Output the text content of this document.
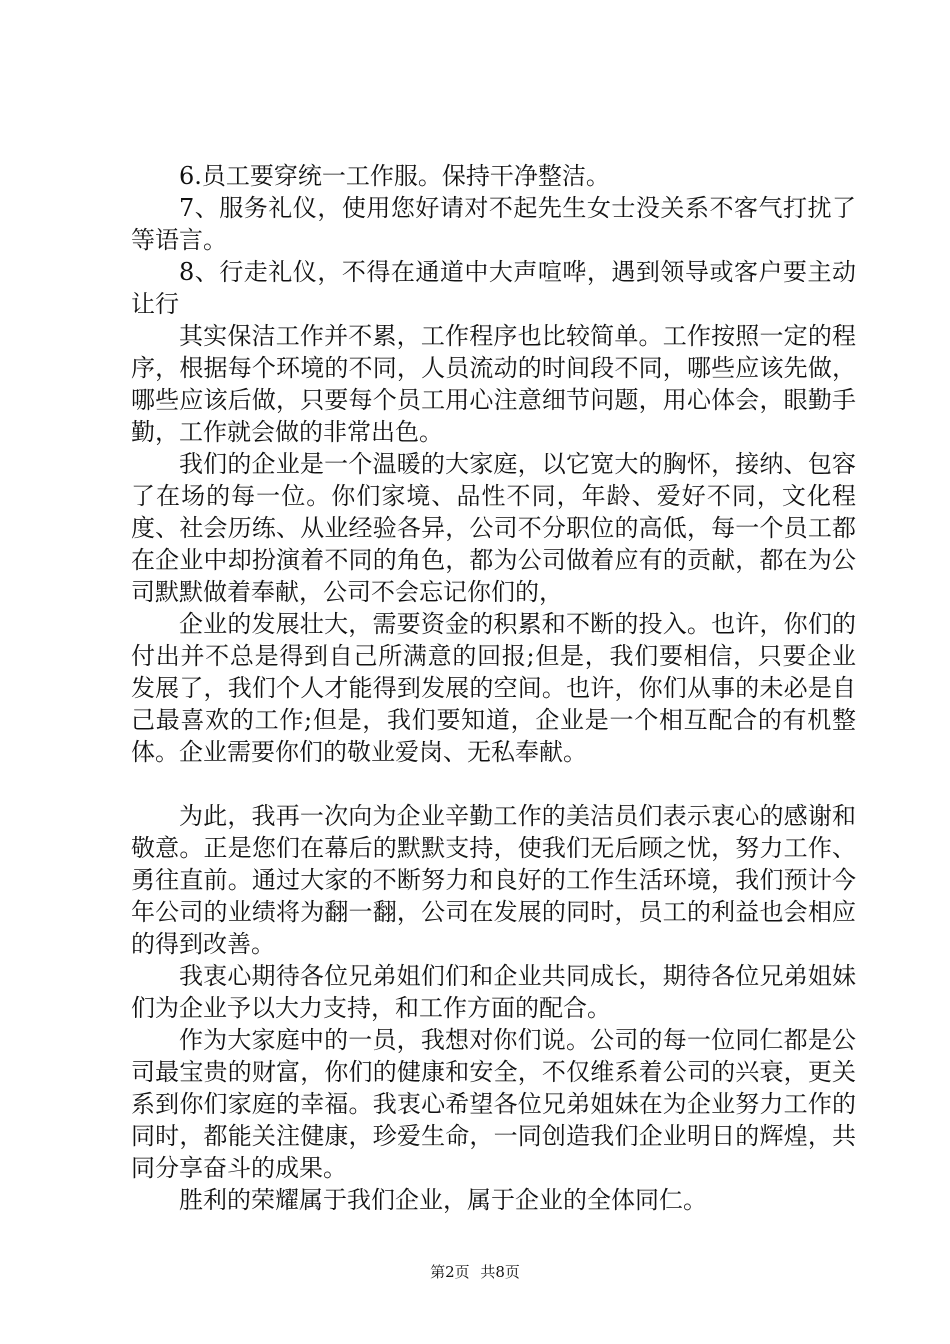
6.员工要穿统一工作服。保持干净整洁。

7、服务礼仪，使用您好请对不起先生女士没关系不客气打扰了等语言。

8、行走礼仪，不得在通道中大声喧哗，遇到领导或客户要主动让行

其实保洁工作并不累，工作程序也比较简单。工作按照一定的程序，根据每个环境的不同，人员流动的时间段不同，哪些应该先做，哪些应该后做，只要每个员工用心注意细节问题，用心体会，眼勤手勤，工作就会做的非常出色。

我们的企业是一个温暖的大家庭，以它宽大的胸怀，接纳、包容了在场的每一位。你们家境、品性不同，年龄、爱好不同，文化程度、社会历练、从业经验各异，公司不分职位的高低，每一个员工都在企业中却扮演着不同的角色，都为公司做着应有的贡献，都在为公司默默做着奉献，公司不会忘记你们的，

企业的发展壮大，需要资金的积累和不断的投入。也许，你们的付出并不总是得到自己所满意的回报;但是，我们要相信，只要企业发展了，我们个人才能得到发展的空间。也许，你们从事的未必是自己最喜欢的工作;但是，我们要知道，企业是一个相互配合的有机整体。企业需要你们的敬业爱岗、无私奉献。

为此，我再一次向为企业辛勤工作的美洁员们表示衷心的感谢和敬意。正是您们在幕后的默默支持，使我们无后顾之忧，努力工作、勇往直前。通过大家的不断努力和良好的工作生活环境，我们预计今年公司的业绩将为翻一翻，公司在发展的同时，员工的利益也会相应的得到改善。

我衷心期待各位兄弟姐们们和企业共同成长，期待各位兄弟姐妹们为企业予以大力支持，和工作方面的配合。

作为大家庭中的一员，我想对你们说。公司的每一位同仁都是公司最宝贵的财富，你们的健康和安全，不仅维系着公司的兴衰，更关系到你们家庭的幸福。我衷心希望各位兄弟姐妹在为企业努力工作的同时，都能关注健康，珍爱生命，一同创造我们企业明日的辉煌，共同分享奋斗的成果。

胜利的荣耀属于我们企业，属于企业的全体同仁。

第2页 共8页
